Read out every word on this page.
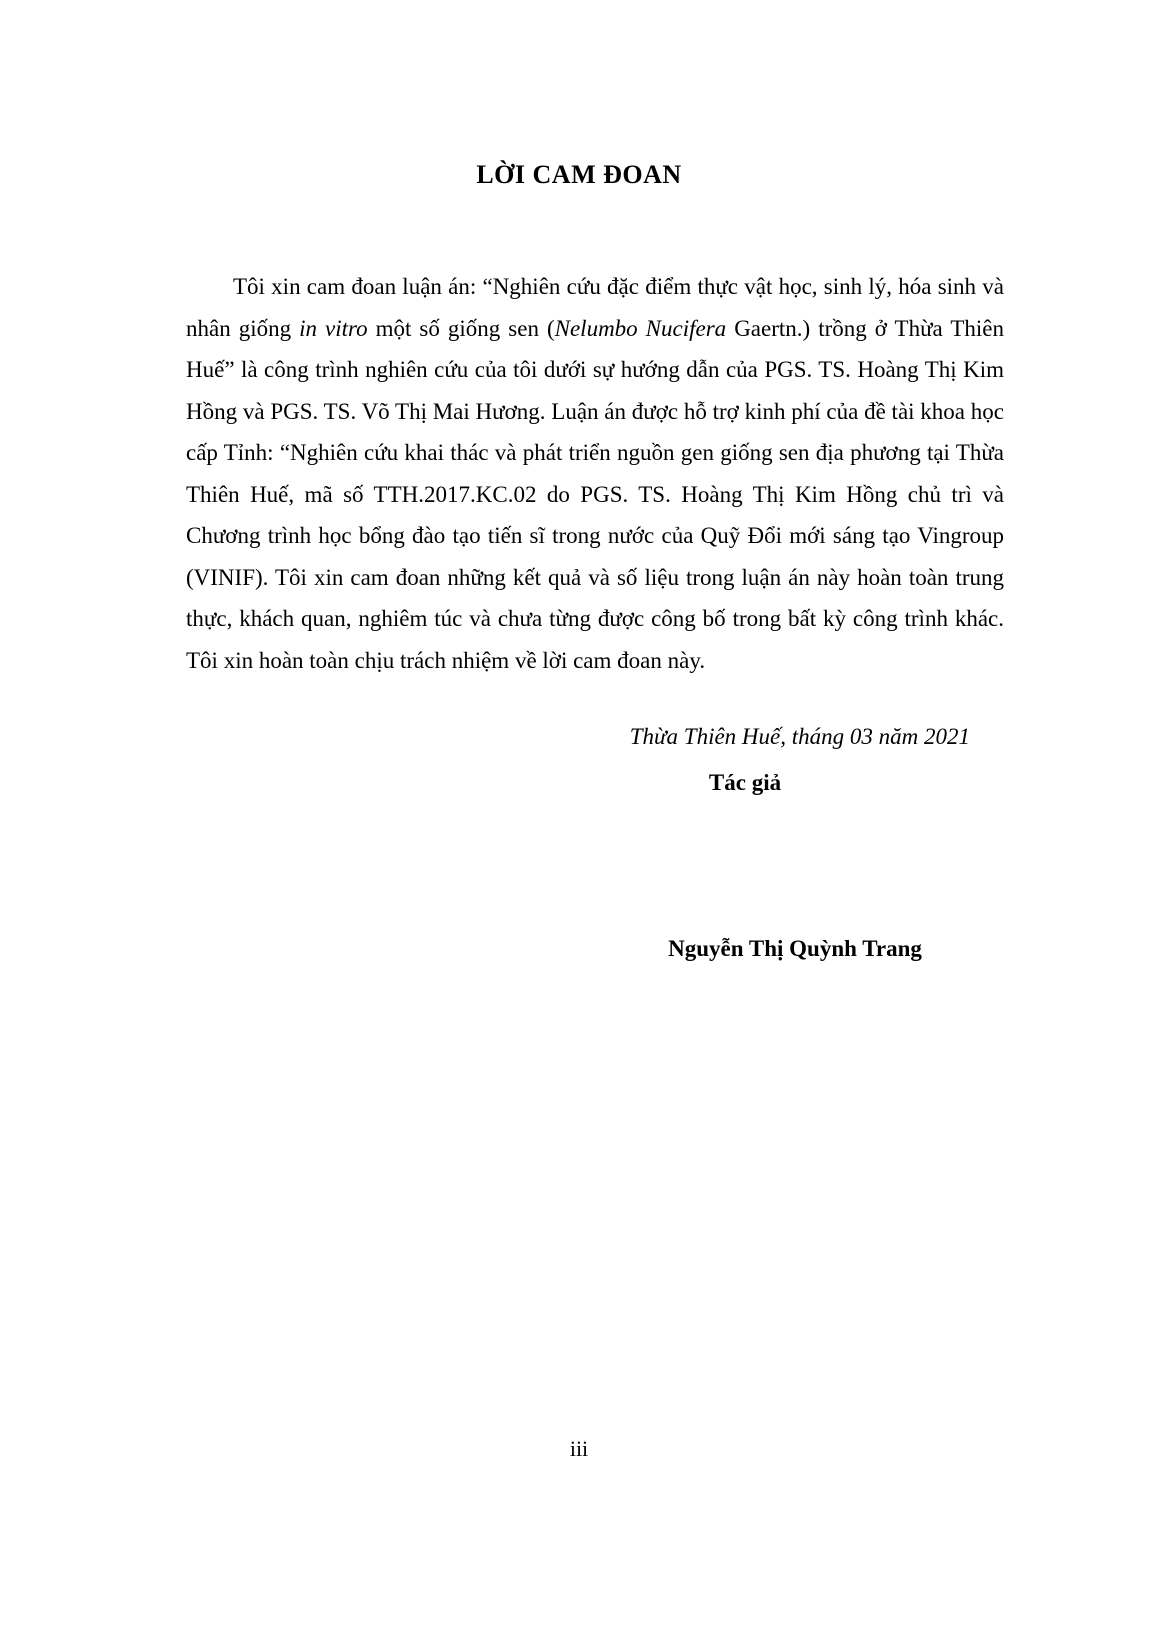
LỜI CAM ĐOAN

Tôi xin cam đoan luận án: “Nghiên cứu đặc điểm thực vật học, sinh lý, hóa sinh và nhân giống in vitro một số giống sen (Nelumbo Nucifera Gaertn.) trồng ở Thừa Thiên Huế” là công trình nghiên cứu của tôi dưới sự hướng dẫn của PGS. TS. Hoàng Thị Kim Hồng và PGS. TS. Võ Thị Mai Hương. Luận án được hỗ trợ kinh phí của đề tài khoa học cấp Tỉnh: “Nghiên cứu khai thác và phát triển nguồn gen giống sen địa phương tại Thừa Thiên Huế, mã số TTH.2017.KC.02 do PGS. TS. Hoàng Thị Kim Hồng chủ trì và Chương trình học bổng đào tạo tiến sĩ trong nước của Quỹ Đổi mới sáng tạo Vingroup (VINIF). Tôi xin cam đoan những kết quả và số liệu trong luận án này hoàn toàn trung thực, khách quan, nghiêm túc và chưa từng được công bố trong bất kỳ công trình khác. Tôi xin hoàn toàn chịu trách nhiệm về lời cam đoan này.

Thừa Thiên Huế, tháng 03 năm 2021
Tác giả
Nguyễn Thị Quỳnh Trang
iii
